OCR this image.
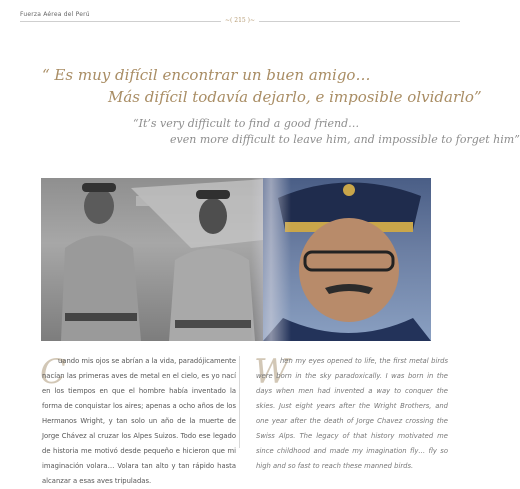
Fuerza Aérea del Perú
~( 215 )~
“ Es muy difícil encontrar un buen amigo…
Más difícil todavía dejarlo, e imposible olvidarlo”
“It’s very difficult to find a good friend…
even more difficult to leave him, and impossible to forget him”
C

uando mis ojos se abrían a la vida, paradójicamente nacían las primeras aves de metal en el cielo, es yo nací en los tiempos en que el hombre había inventado la forma de conquistar los aires; apenas a ocho años de los Hermanos Wright, y tan solo un año de la muerte de Jorge Chávez al cruzar los Alpes Suizos. Todo ese legado de historia me motivó desde pequeño e hicieron que mi imaginación volara… Volara tan alto y tan rápido hasta alcanzar a esas aves tripuladas.

W

hen my eyes opened to life, the first metal birds were born in the sky paradoxically. I was born in the days when men had invented a way to conquer the skies. Just eight years after the Wright Brothers, and one year after the death of Jorge Chavez crossing the Swiss Alps. The legacy of that history motivated me since childhood and made my imagination fly… fly so high and so fast to reach these manned birds.
